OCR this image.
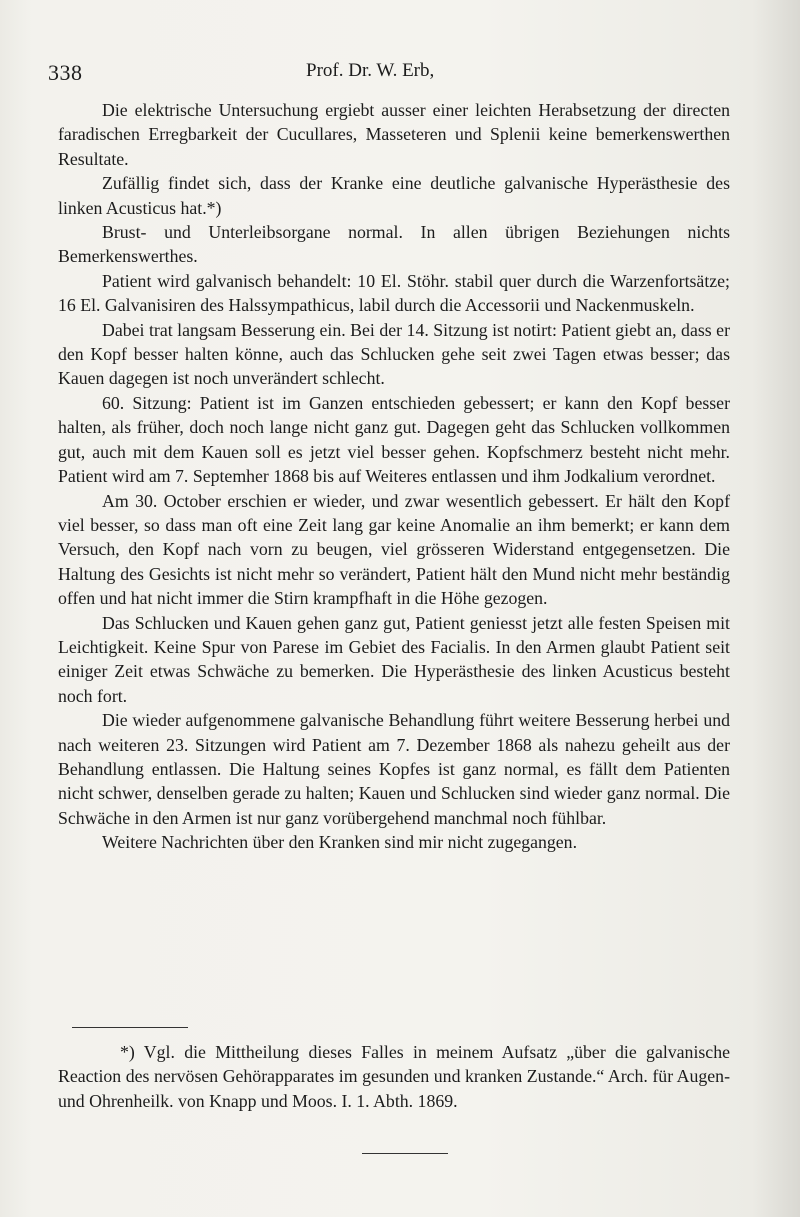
338	Prof. Dr. W. Erb,

Die elektrische Untersuchung ergiebt ausser einer leichten Herabsetzung der directen faradischen Erregbarkeit der Cucullares, Masseteren und Splenii keine bemerkenswerthen Resultate.

Zufällig findet sich, dass der Kranke eine deutliche galvanische Hyperästhesie des linken Acusticus hat.*)

Brust- und Unterleibsorgane normal. In allen übrigen Beziehungen nichts Bemerkenswerthes.

Patient wird galvanisch behandelt: 10 El. Stöhr. stabil quer durch die Warzenfortsätze; 16 El. Galvanisiren des Halssympathicus, labil durch die Accessorii und Nackenmuskeln.

Dabei trat langsam Besserung ein. Bei der 14. Sitzung ist notirt: Patient giebt an, dass er den Kopf besser halten könne, auch das Schlucken gehe seit zwei Tagen etwas besser; das Kauen dagegen ist noch unverändert schlecht.

60. Sitzung: Patient ist im Ganzen entschieden gebessert; er kann den Kopf besser halten, als früher, doch noch lange nicht ganz gut. Dagegen geht das Schlucken vollkommen gut, auch mit dem Kauen soll es jetzt viel besser gehen. Kopfschmerz besteht nicht mehr. Patient wird am 7. Septemher 1868 bis auf Weiteres entlassen und ihm Jodkalium verordnet.

Am 30. October erschien er wieder, und zwar wesentlich gebessert. Er hält den Kopf viel besser, so dass man oft eine Zeit lang gar keine Anomalie an ihm bemerkt; er kann dem Versuch, den Kopf nach vorn zu beugen, viel grösseren Widerstand entgegensetzen. Die Haltung des Gesichts ist nicht mehr so verändert, Patient hält den Mund nicht mehr beständig offen und hat nicht immer die Stirn krampfhaft in die Höhe gezogen.

Das Schlucken und Kauen gehen ganz gut, Patient geniesst jetzt alle festen Speisen mit Leichtigkeit. Keine Spur von Parese im Gebiet des Facialis. In den Armen glaubt Patient seit einiger Zeit etwas Schwäche zu bemerken. Die Hyperästhesie des linken Acusticus besteht noch fort.

Die wieder aufgenommene galvanische Behandlung führt weitere Besserung herbei und nach weiteren 23. Sitzungen wird Patient am 7. Dezember 1868 als nahezu geheilt aus der Behandlung entlassen. Die Haltung seines Kopfes ist ganz normal, es fällt dem Patienten nicht schwer, denselben gerade zu halten; Kauen und Schlucken sind wieder ganz normal. Die Schwäche in den Armen ist nur ganz vorübergehend manchmal noch fühlbar.

Weitere Nachrichten über den Kranken sind mir nicht zugegangen.

*) Vgl. die Mittheilung dieses Falles in meinem Aufsatz „über die galvanische Reaction des nervösen Gehörapparates im gesunden und kranken Zustande.“ Arch. für Augen- und Ohrenheilk. von Knapp und Moos. I. 1. Abth. 1869.
